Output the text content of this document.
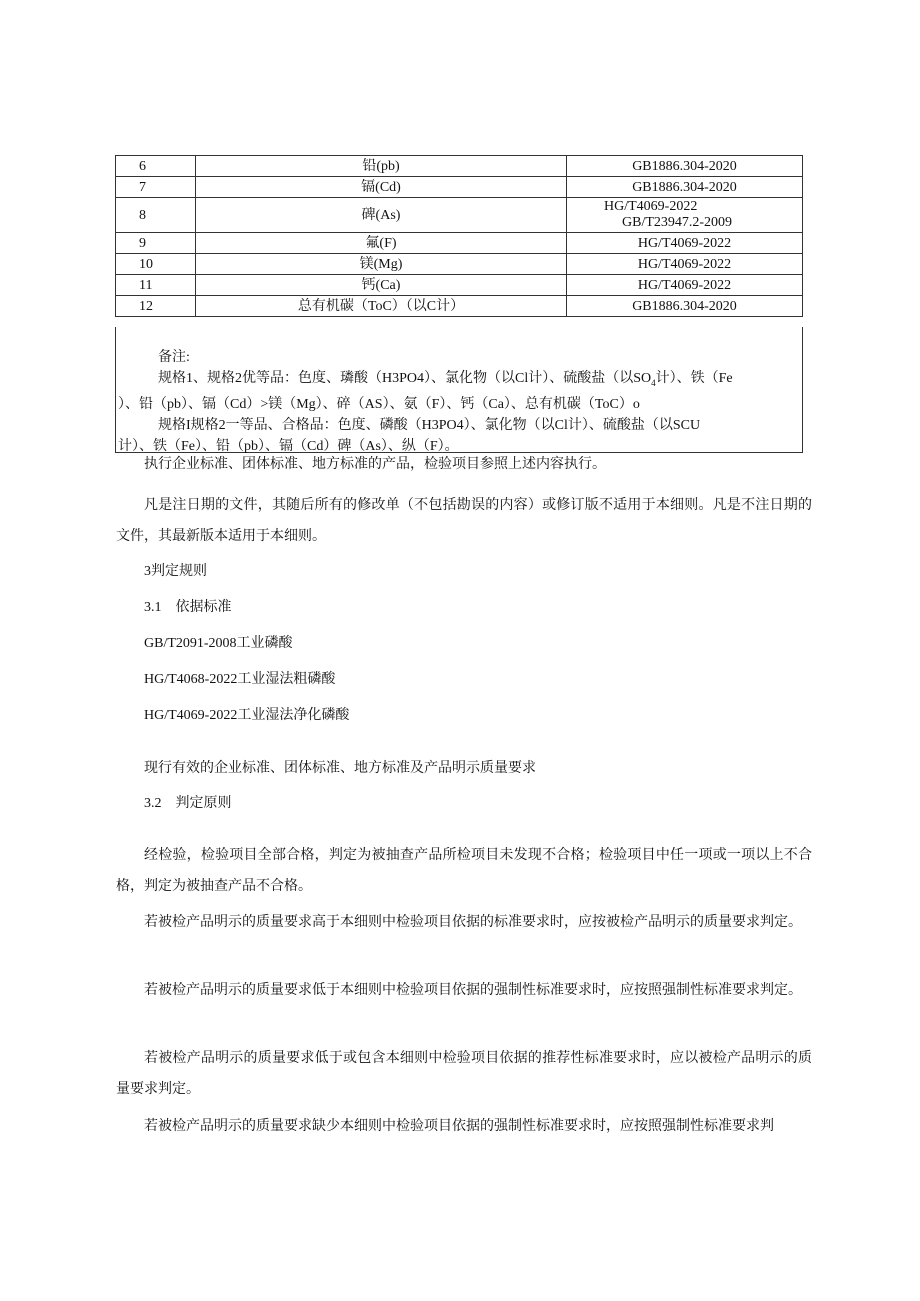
6	铅(pb)	GB1886.304-2020
7	镉(Cd)	GB1886.304-2020
8	碑(As)	HG/T4069-2022
GB/T23947.2-2009

9	氟(F)	HG/T4069-2022
10	镁(Mg)	HG/T4069-2022
11	钙(Ca)	HG/T4069-2022
12	总有机碳（ToC）（以C计）	GB1886.304-2020

备注:

规格1、规格2优等品：色度、璘酸（H3PO4）、氯化物（以Cl计）、硫酸盐（以$SO_4$计）、铁（Fe

）、铅（pb）、镉（Cd）>镁（Mg）、碎（AS）、氨（F）、钙（Ca）、总有机碳（ToC）o

规格I规格2一等品、合格品：色度、磷酸（H3PO4）、氯化物（以Cl计）、硫酸盐（以SCU

计）、铁（Fe）、铅（pb）、镉（Cd）碑（As）、纵（F）。

执行企业标准、团体标准、地方标准的产品，检验项目参照上述内容执行。

凡是注日期的文件，其随后所有的修改单（不包括勘误的内容）或修订版不适用于本细则。凡是不注日期的文件，其最新版本适用于本细则。

3判定规则

3.1　依据标准

GB/T2091-2008工业磷酸

HG/T4068-2022工业湿法粗磷酸

HG/T4069-2022工业湿法净化磷酸

现行有效的企业标准、团体标准、地方标准及产品明示质量要求

3.2　判定原则

经检验，检验项目全部合格，判定为被抽查产品所检项目未发现不合格；检验项目中任一项或一项以上不合格，判定为被抽查产品不合格。

若被检产品明示的质量要求高于本细则中检验项目依据的标准要求时，应按被检产品明示的质量要求判定。

若被检产品明示的质量要求低于本细则中检验项目依据的强制性标准要求时，应按照强制性标准要求判定。

若被检产品明示的质量要求低于或包含本细则中检验项目依据的推荐性标准要求时，应以被检产品明示的质量要求判定。

若被检产品明示的质量要求缺少本细则中检验项目依据的强制性标准要求时，应按照强制性标准要求判
